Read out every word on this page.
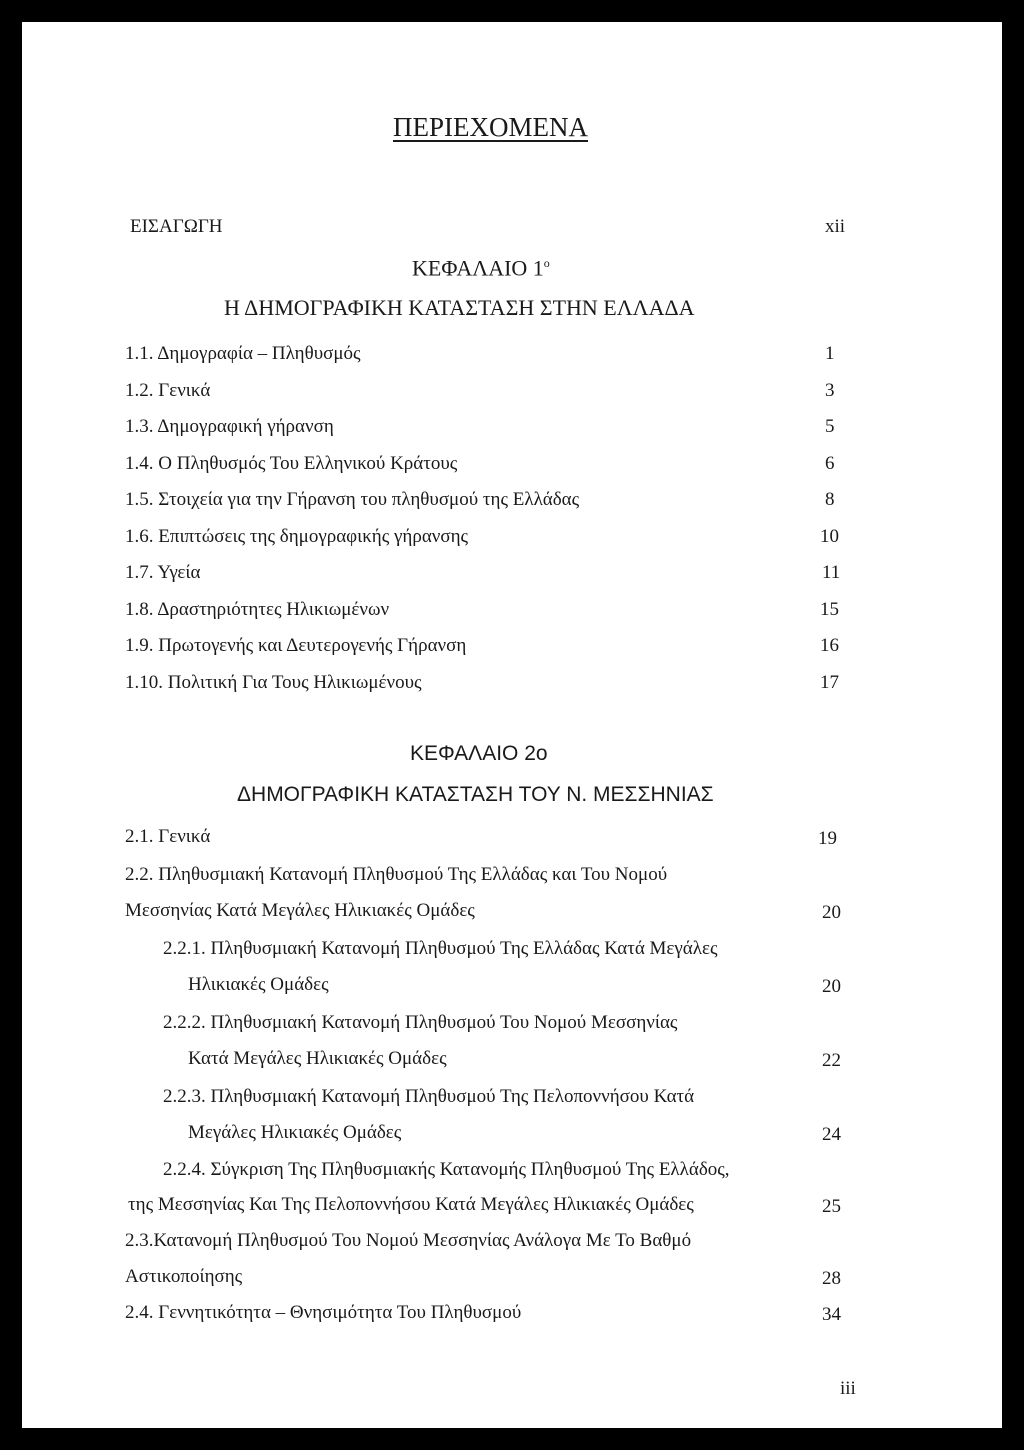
ΠΕΡΙΕΧΟΜΕΝΑ
ΕΙΣΑΓΩΓΗ	xii
ΚΕΦΑΛΑΙΟ $1^o$
Η ΔΗΜΟΓΡΑΦΙΚΗ ΚΑΤΑΣΤΑΣΗ ΣΤΗΝ ΕΛΛΑΔΑ
1.1. Δημογραφία – Πληθυσμός	1
1.2. Γενικά	3
1.3. Δημογραφική γήρανση	5
1.4. Ο Πληθυσμός Του Ελληνικού Κράτους	6
1.5. Στοιχεία για την Γήρανση του πληθυσμού της Ελλάδας	8
1.6. Επιπτώσεις της δημογραφικής γήρανσης	10
1.7. Υγεία	11
1.8. Δραστηριότητες Ηλικιωμένων	15
1.9. Πρωτογενής και Δευτερογενής Γήρανση	16
1.10. Πολιτική Για Τους Ηλικιωμένους	17
ΚΕΦΑΛΑΙΟ 2ο
ΔΗΜΟΓΡΑΦΙΚΗ ΚΑΤΑΣΤΑΣΗ ΤΟΥ Ν. ΜΕΣΣΗΝΙΑΣ
2.1. Γενικά	19
2.2. Πληθυσμιακή Κατανομή Πληθυσμού Της Ελλάδας και Του Νομού
Μεσσηνίας Κατά Μεγάλες Ηλικιακές Ομάδες	20
2.2.1. Πληθυσμιακή Κατανομή Πληθυσμού Της Ελλάδας Κατά Μεγάλες
Ηλικιακές Ομάδες	20
2.2.2. Πληθυσμιακή Κατανομή Πληθυσμού Του Νομού Μεσσηνίας
Κατά Μεγάλες Ηλικιακές Ομάδες	22
2.2.3. Πληθυσμιακή Κατανομή Πληθυσμού Της Πελοποννήσου Κατά
Μεγάλες Ηλικιακές Ομάδες	24
2.2.4. Σύγκριση Της Πληθυσμιακής Κατανομής Πληθυσμού Της Ελλάδος,
της Μεσσηνίας Και Της Πελοποννήσου Κατά Μεγάλες Ηλικιακές Ομάδες	25
2.3.Κατανομή Πληθυσμού Του Νομού Μεσσηνίας Ανάλογα Με Το Βαθμό
Αστικοποίησης	28
2.4. Γεννητικότητα – Θνησιμότητα Του Πληθυσμού	34
iii
